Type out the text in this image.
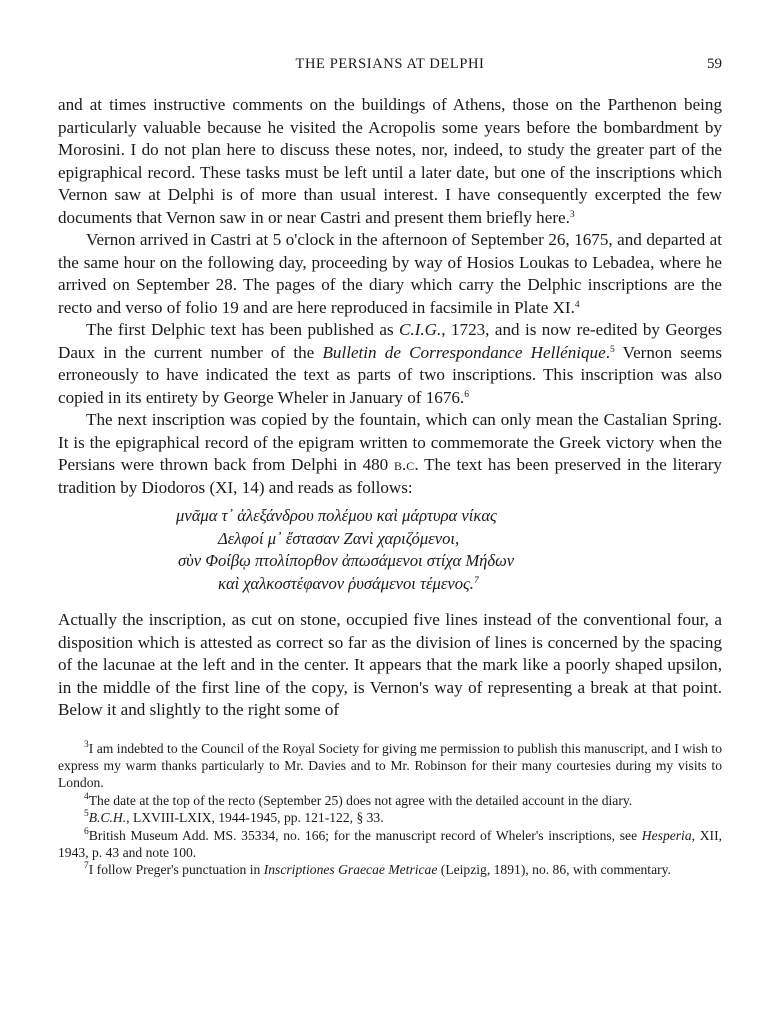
THE PERSIANS AT DELPHI	59

and at times instructive comments on the buildings of Athens, those on the Parthenon being particularly valuable because he visited the Acropolis some years before the bombardment by Morosini. I do not plan here to discuss these notes, nor, indeed, to study the greater part of the epigraphical record. These tasks must be left until a later date, but one of the inscriptions which Vernon saw at Delphi is of more than usual interest. I have consequently excerpted the few documents that Vernon saw in or near Castri and present them briefly here.$^3$

Vernon arrived in Castri at 5 o'clock in the afternoon of September 26, 1675, and departed at the same hour on the following day, proceeding by way of Hosios Loukas to Lebadea, where he arrived on September 28. The pages of the diary which carry the Delphic inscriptions are the recto and verso of folio 19 and are here reproduced in facsimile in Plate XI.$^4$

The first Delphic text has been published as C.I.G., 1723, and is now re-edited by Georges Daux in the current number of the Bulletin de Correspondance Hellénique.$^5$ Vernon seems erroneously to have indicated the text as parts of two inscriptions. This inscription was also copied in its entirety by George Wheler in January of 1676.$^6$

The next inscription was copied by the fountain, which can only mean the Castalian Spring. It is the epigraphical record of the epigram written to commemorate the Greek victory when the Persians were thrown back from Delphi in 480 b.c. The text has been preserved in the literary tradition by Diodoros (XI, 14) and reads as follows:

μνᾶμα τ᾽ ἀλεξάνδρου πολέμου καὶ μάρτυρα νίκας
Δελφοί μ᾽ ἔστασαν Ζανὶ χαριζόμενοι,
σὺν Φοίβῳ πτολίπορθον ἀπωσάμενοι στίχα Μήδων
καὶ χαλκοστέφανον ῥυσάμενοι τέμενος.$^7$

Actually the inscription, as cut on stone, occupied five lines instead of the conventional four, a disposition which is attested as correct so far as the division of lines is concerned by the spacing of the lacunae at the left and in the center. It appears that the mark like a poorly shaped upsilon, in the middle of the first line of the copy, is Vernon's way of representing a break at that point. Below it and slightly to the right some of

$^3$I am indebted to the Council of the Royal Society for giving me permission to publish this manuscript, and I wish to express my warm thanks particularly to Mr. Davies and to Mr. Robinson for their many courtesies during my visits to London.

$^4$The date at the top of the recto (September 25) does not agree with the detailed account in the diary.

$^5$B.C.H., LXVIII-LXIX, 1944-1945, pp. 121-122, § 33.

$^6$British Museum Add. MS. 35334, no. 166; for the manuscript record of Wheler's inscriptions, see Hesperia, XII, 1943, p. 43 and note 100.

$^7$I follow Preger's punctuation in Inscriptiones Graecae Metricae (Leipzig, 1891), no. 86, with commentary.
